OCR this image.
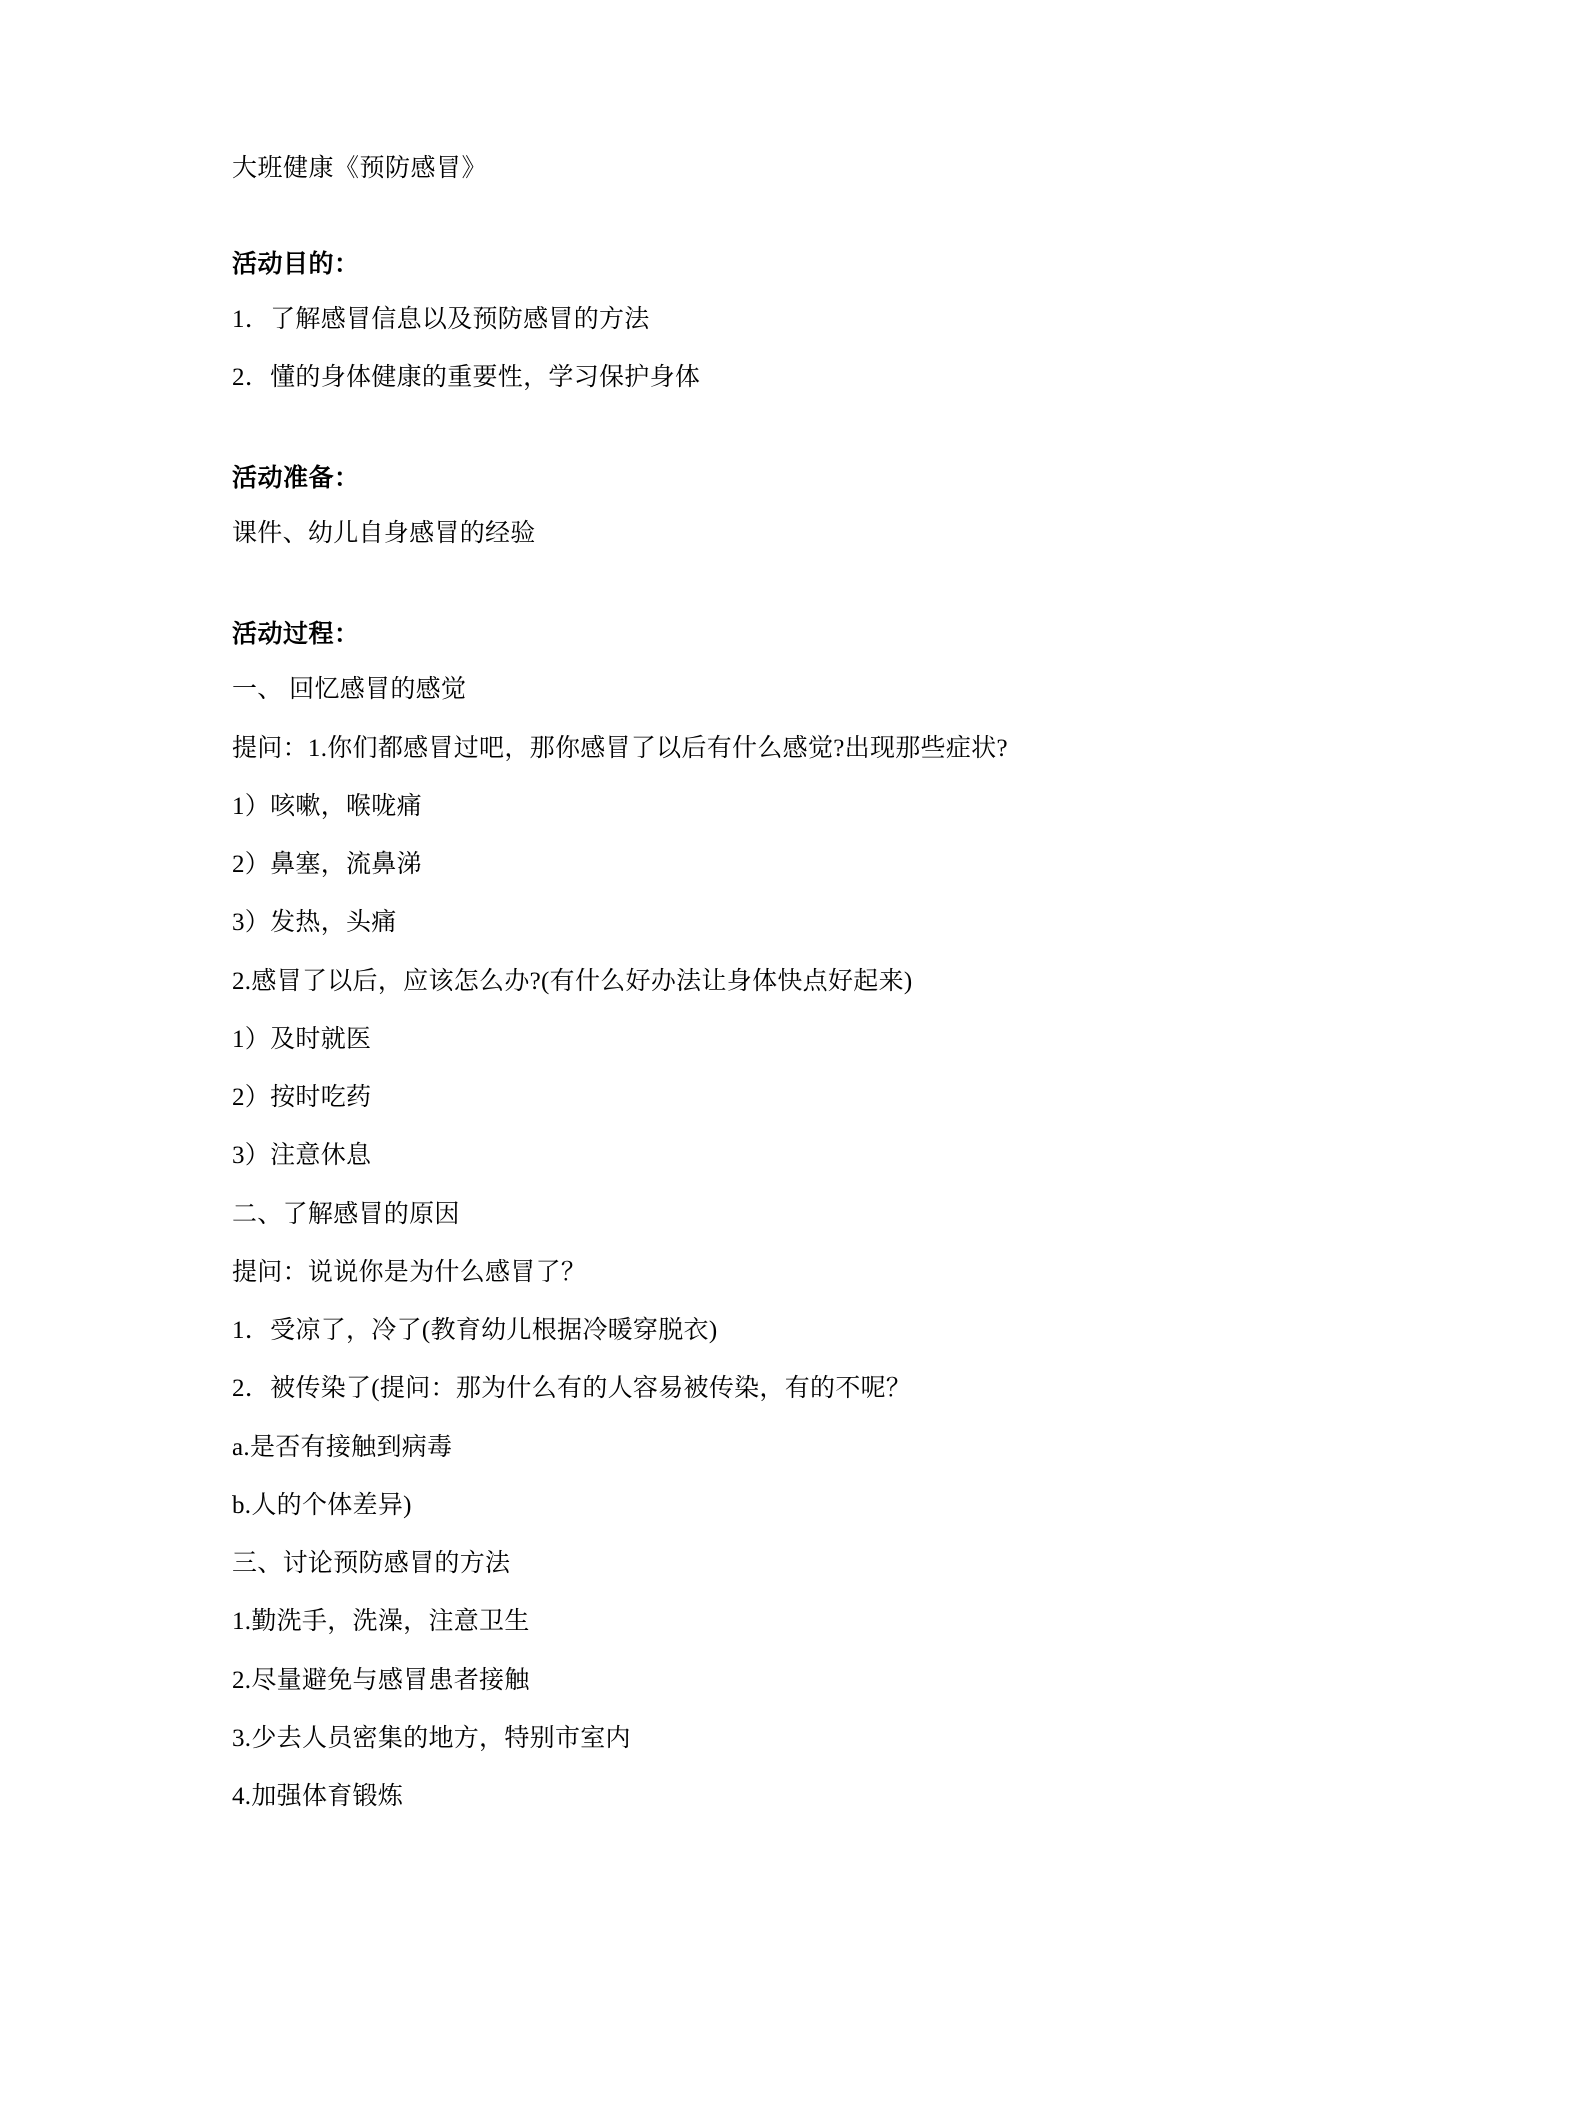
大班健康《预防感冒》
活动目的：
1．了解感冒信息以及预防感冒的方法
2．懂的身体健康的重要性，学习保护身体
活动准备：
课件、幼儿自身感冒的经验
活动过程：
一、 回忆感冒的感觉
提问：1.你们都感冒过吧，那你感冒了以后有什么感觉?出现那些症状?
1）咳嗽，喉咙痛
2）鼻塞，流鼻涕
3）发热，头痛
2.感冒了以后，应该怎么办?(有什么好办法让身体快点好起来)
1）及时就医
2）按时吃药
3）注意休息
二、了解感冒的原因
提问：说说你是为什么感冒了？
1．受凉了，冷了(教育幼儿根据冷暖穿脱衣)
2．被传染了(提问：那为什么有的人容易被传染，有的不呢？
a.是否有接触到病毒
b.人的个体差异)
三、讨论预防感冒的方法
1.勤洗手，洗澡，注意卫生
2.尽量避免与感冒患者接触
3.少去人员密集的地方，特别市室内
4.加强体育锻炼
